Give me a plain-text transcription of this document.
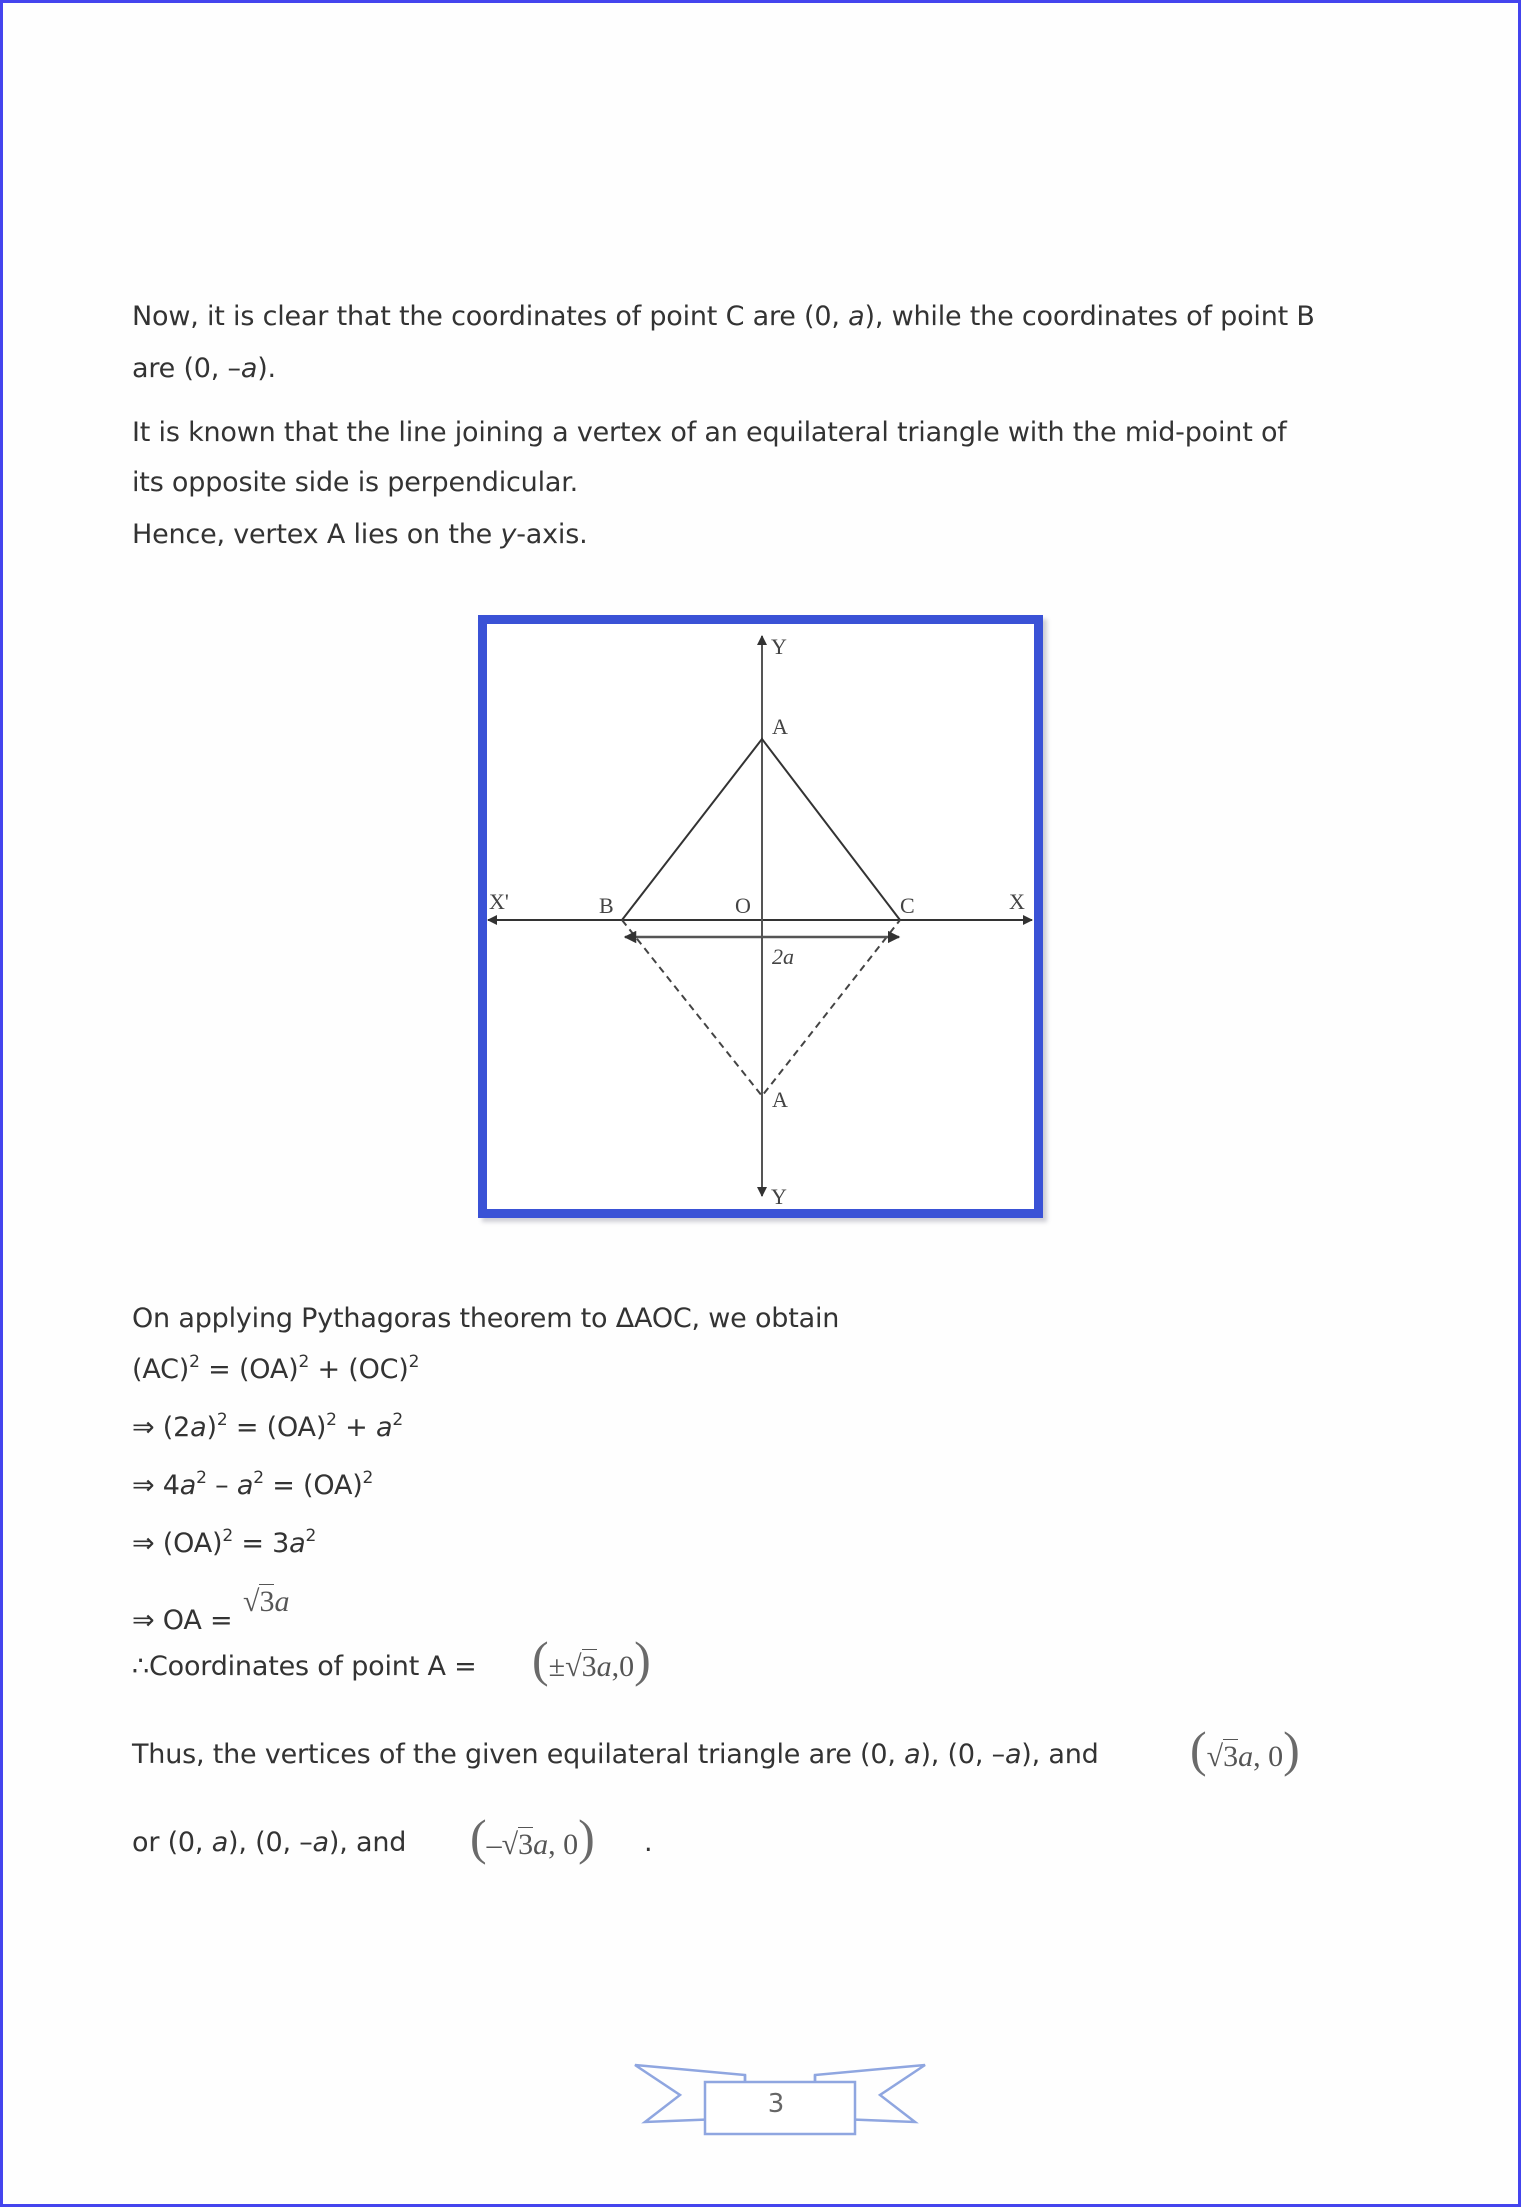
Now, it is clear that the coordinates of point C are (0, a), while the coordinates of point B
are (0, –a).
It is known that the line joining a vertex of an equilateral triangle with the mid-point of
its opposite side is perpendicular.
Hence, vertex A lies on the y-axis.
Y
Y
X'	X
A
A
B	O	C
2a
On applying Pythagoras theorem to ΔAOC, we obtain
(AC)$^2$ = (OA)$^2$ + (OC)$^2$
⇒ $(2a)^2 = (OA)^2 + a^2$
⇒ $4a^2 - a^2 = (OA)^2$
⇒ $(OA)^2 = 3a^2$
⇒ OA =
√3a
∴Coordinates of point A = (±√3a,0)
Thus, the vertices of the given equilateral triangle are (0, a), (0, –a), and (√3a, 0)
or (0, a), (0, –a), and (–√3a, 0) .
3
